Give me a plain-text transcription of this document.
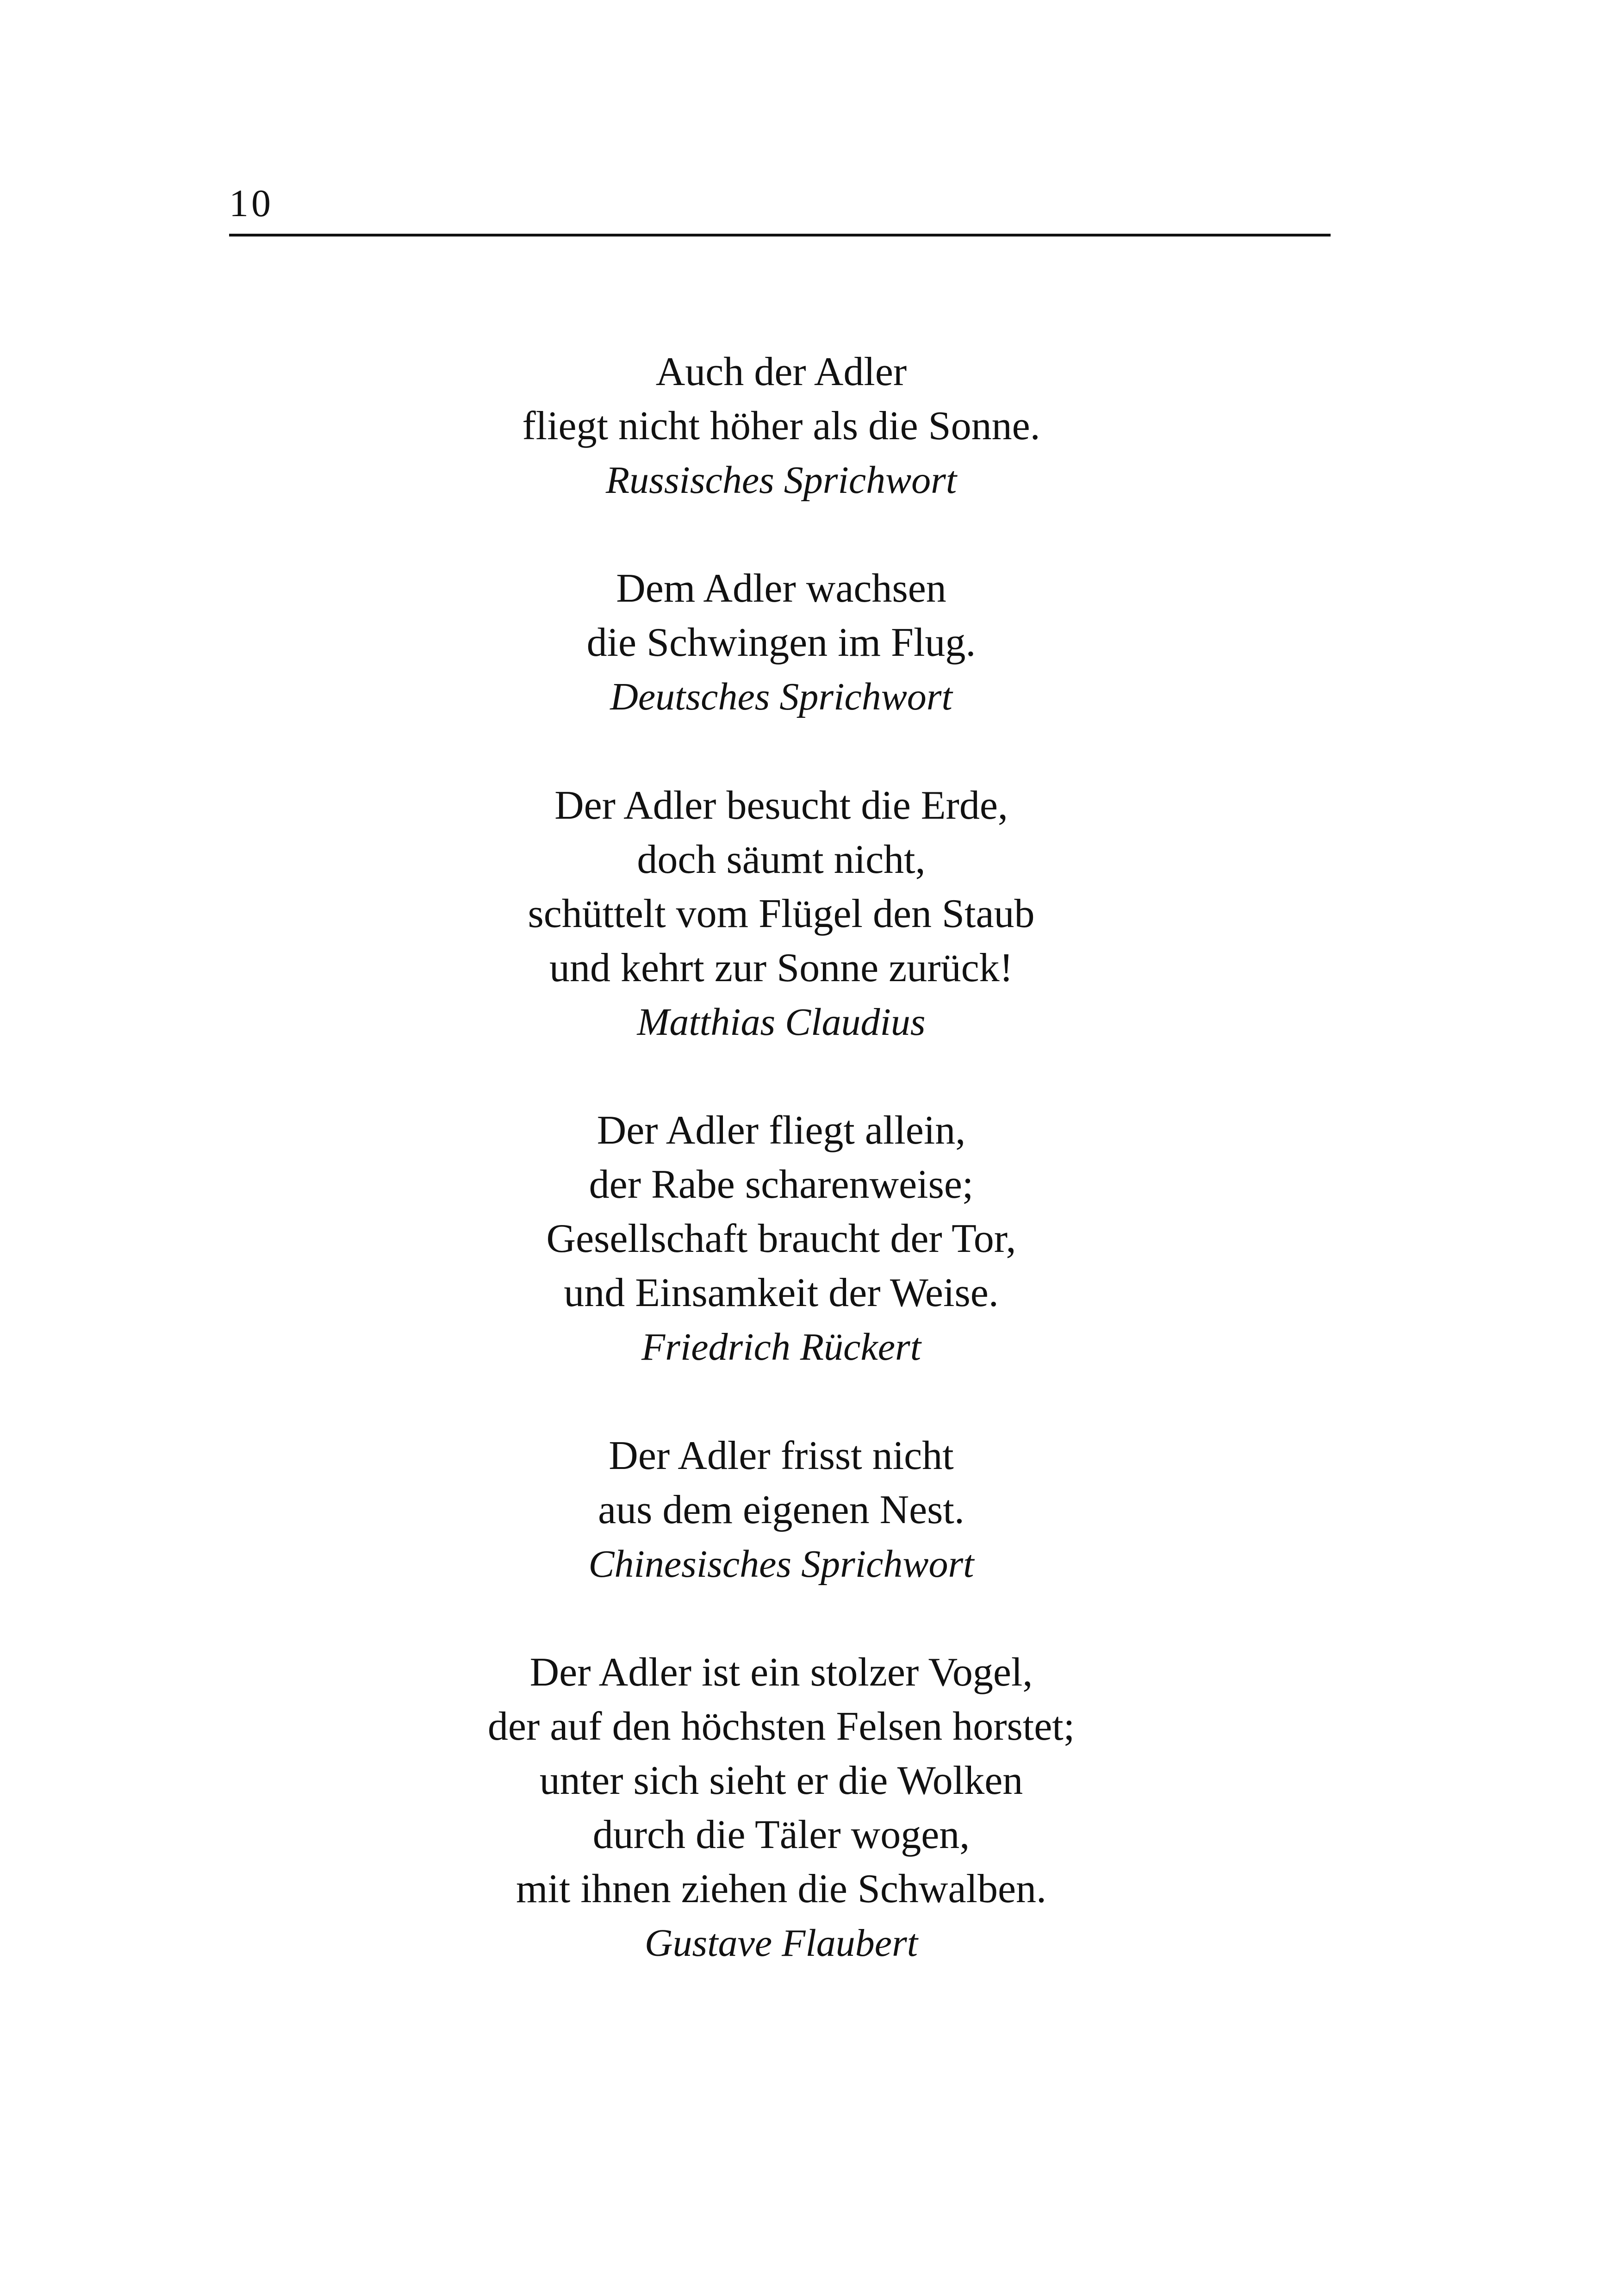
10
Auch der Adler
fliegt nicht höher als die Sonne.
Russisches Sprichwort
Dem Adler wachsen
die Schwingen im Flug.
Deutsches Sprichwort
Der Adler besucht die Erde,
doch säumt nicht,
schüttelt vom Flügel den Staub
und kehrt zur Sonne zurück!
Matthias Claudius
Der Adler fliegt allein,
der Rabe scharenweise;
Gesellschaft braucht der Tor,
und Einsamkeit der Weise.
Friedrich Rückert
Der Adler frisst nicht
aus dem eigenen Nest.
Chinesisches Sprichwort
Der Adler ist ein stolzer Vogel,
der auf den höchsten Felsen horstet;
unter sich sieht er die Wolken
durch die Täler wogen,
mit ihnen ziehen die Schwalben.
Gustave Flaubert
